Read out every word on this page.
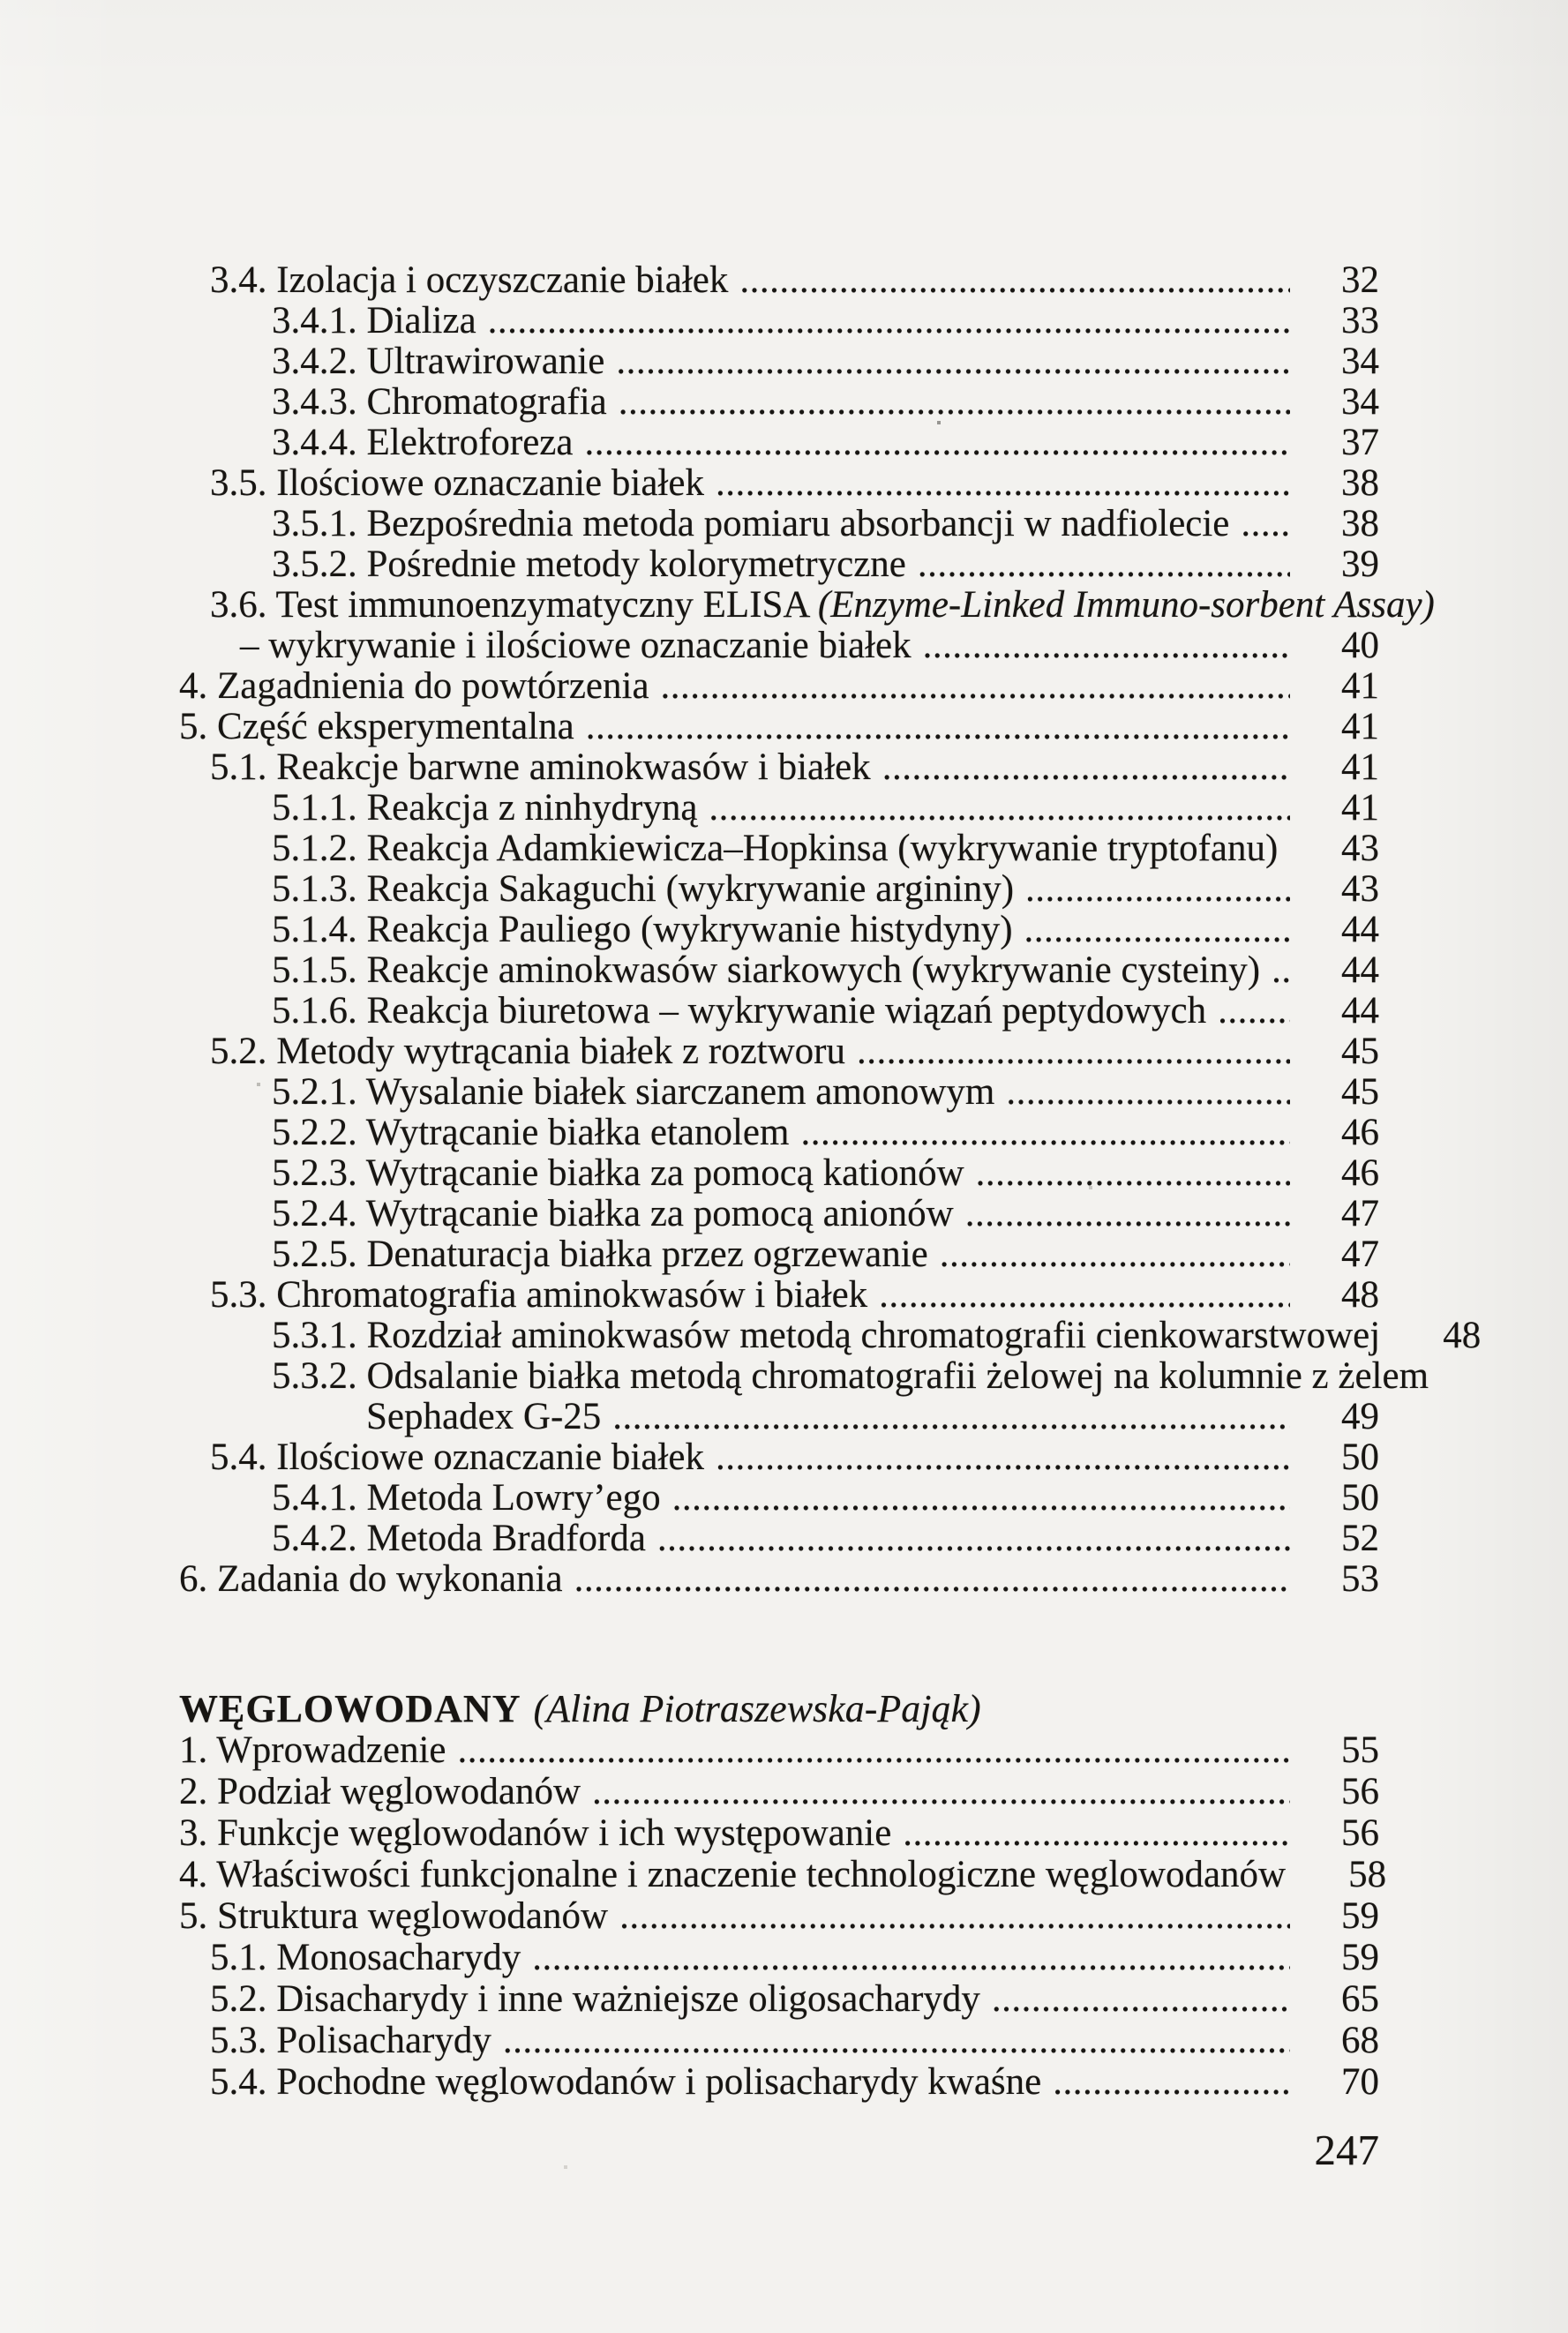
3.4. Izolacja i oczyszczanie białek .....	32
3.4.1. Dializa .....	33
3.4.2. Ultrawirowanie .....	34
3.4.3. Chromatografia .....	34
3.4.4. Elektroforeza .....	37
3.5. Ilościowe oznaczanie białek .....	38
3.5.1. Bezpośrednia metoda pomiaru absorbancji w nadfiolecie .....	38
3.5.2. Pośrednie metody kolorymetryczne .....	39
3.6. Test immunoenzymatyczny ELISA (Enzyme-Linked Immuno-sorbent Assay)
– wykrywanie i ilościowe oznaczanie białek .....	40
4. Zagadnienia do powtórzenia .....	41
5. Część eksperymentalna .....	41
5.1. Reakcje barwne aminokwasów i białek .....	41
5.1.1. Reakcja z ninhydryną .....	41
5.1.2. Reakcja Adamkiewicza–Hopkinsa (wykrywanie tryptofanu) .....	43
5.1.3. Reakcja Sakaguchi (wykrywanie argininy) .....	43
5.1.4. Reakcja Pauliego (wykrywanie histydyny) .....	44
5.1.5. Reakcje aminokwasów siarkowych (wykrywanie cysteiny) .....	44
5.1.6. Reakcja biuretowa – wykrywanie wiązań peptydowych .....	44
5.2. Metody wytrącania białek z roztworu .....	45
5.2.1. Wysalanie białek siarczanem amonowym .....	45
5.2.2. Wytrącanie białka etanolem .....	46
5.2.3. Wytrącanie białka za pomocą kationów .....	46
5.2.4. Wytrącanie białka za pomocą anionów .....	47
5.2.5. Denaturacja białka przez ogrzewanie .....	47
5.3. Chromatografia aminokwasów i białek .....	48
5.3.1. Rozdział aminokwasów metodą chromatografii cienkowarstwowej	48
5.3.2. Odsalanie białka metodą chromatografii żelowej na kolumnie z żelem
Sephadex G-25 .....	49
5.4. Ilościowe oznaczanie białek .....	50
5.4.1. Metoda Lowry’ego .....	50
5.4.2. Metoda Bradforda .....	52
6. Zadania do wykonania .....	53
WĘGLOWODANY (Alina Piotraszewska-Pająk)
1. Wprowadzenie .....	55
2. Podział węglowodanów .....	56
3. Funkcje węglowodanów i ich występowanie .....	56
4. Właściwości funkcjonalne i znaczenie technologiczne węglowodanów	58
5. Struktura węglowodanów .....	59
5.1. Monosacharydy .....	59
5.2. Disacharydy i inne ważniejsze oligosacharydy .....	65
5.3. Polisacharydy .....	68
5.4. Pochodne węglowodanów i polisacharydy kwaśne .....	70
247
